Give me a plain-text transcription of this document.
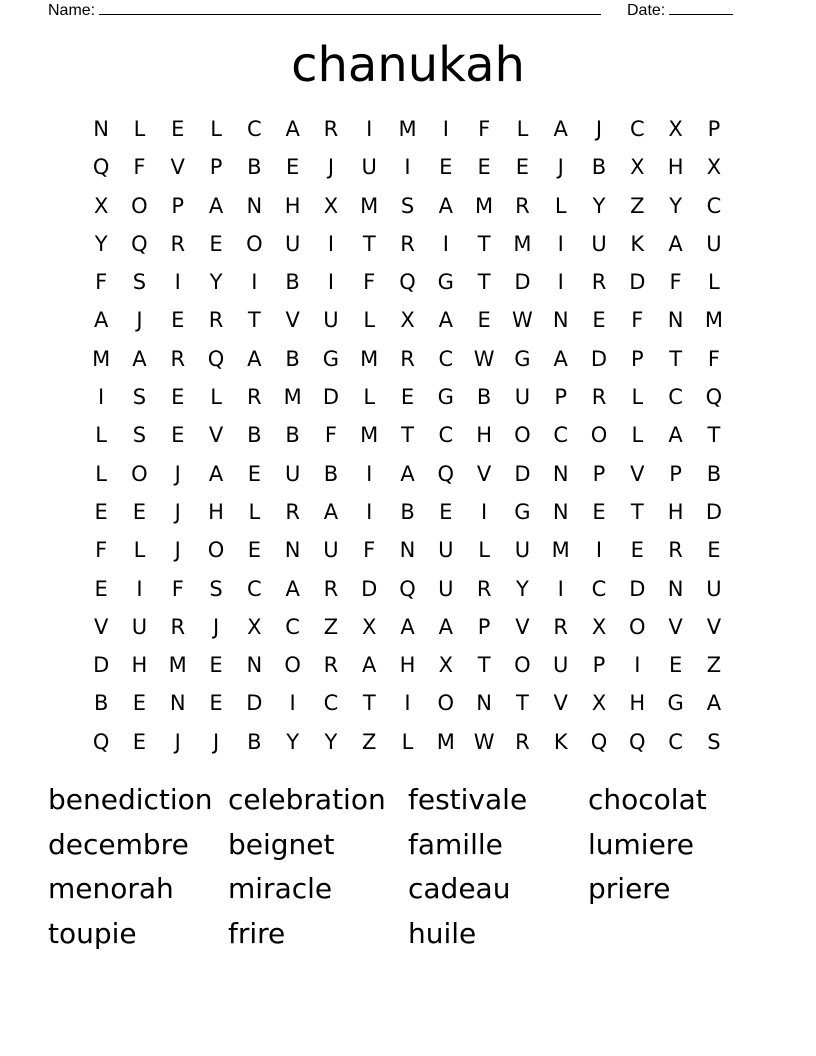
Name:	Date:
chanukah
N	L	E	L	C	A	R	I	M	I	F	L	A	J	C	X	P
Q	F	V	P	B	E	J	U	I	E	E	E	J	B	X	H	X
X	O	P	A	N	H	X	M	S	A	M	R	L	Y	Z	Y	C
Y	Q	R	E	O	U	I	T	R	I	T	M	I	U	K	A	U
F	S	I	Y	I	B	I	F	Q	G	T	D	I	R	D	F	L
A	J	E	R	T	V	U	L	X	A	E	W N	E	F	N	M
M	A	R	Q	A	B	G	M	R	C W G	A	D	P	T	F
I	S	E	L	R	M	D	L	E	G	B	U	P	R	L	C	Q
L	S	E	V	B	B	F	M	T	C	H	O	C	O	L	A	T
L	O	J	A	E	U	B	I	A	Q	V	D	N	P	V	P	B
E	E	J	H	L	R	A	I	B	E	I	G	N	E	T	H	D
F	L	J	O	E	N	U	F	N	U	L	U	M	I	E	R	E
E	I	F	S	C	A	R	D	Q	U	R	Y	I	C	D	N	U
V	U	R	J	X	C	Z	X	A	A	P	V	R	X	O	V	V
D	H	M	E	N	O	R	A	H	X	T	O	U	P	I	E	Z
B	E	N	E	D	I	C	T	I	O	N	T	V	X	H	G	A
Q	E	J	J	B	Y	Y	Z	L	M W R	K	Q	Q	C	S
benediction celebration festivale	chocolat
decembre	beignet	famille	lumiere
menorah	miracle	cadeau	priere
toupie	frire	huile
